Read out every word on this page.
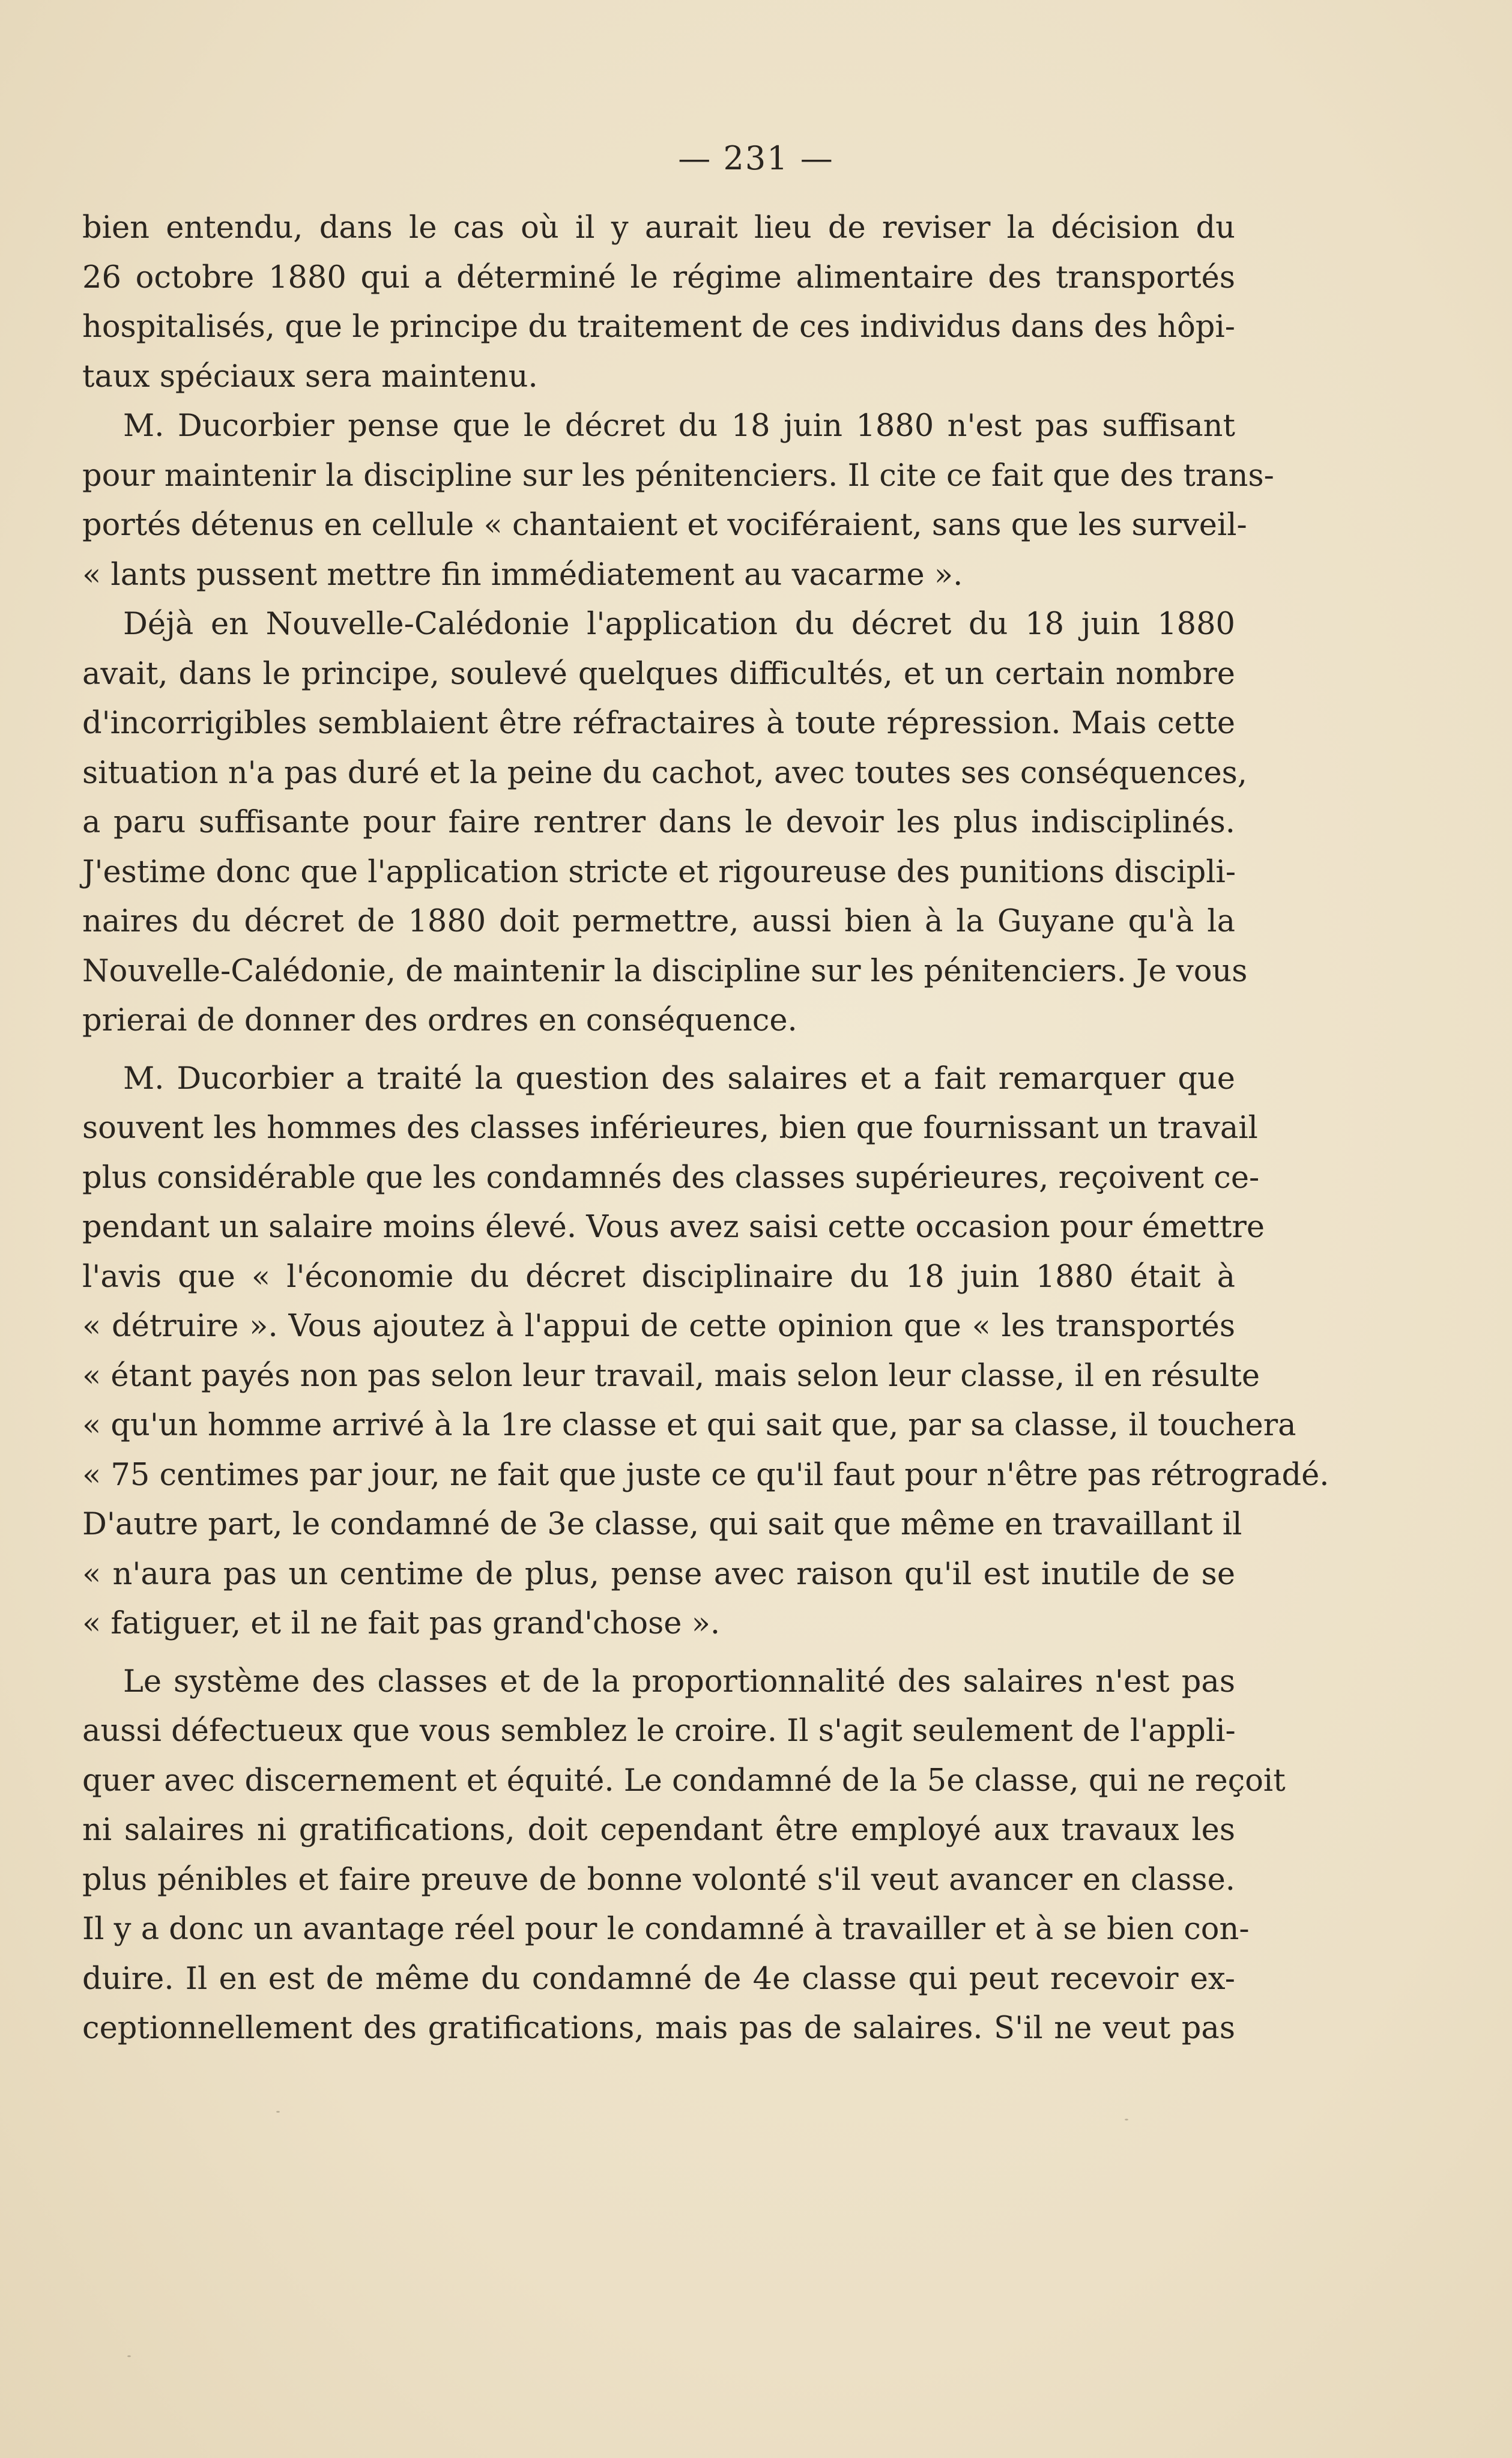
— 231 —
bien entendu, dans le cas où il y aurait lieu de reviser la décision du
26 octobre 1880 qui a déterminé le régime alimentaire des transportés
hospitalisés, que le principe du traitement de ces individus dans des hôpi-
taux spéciaux sera maintenu.
M. Ducorbier pense que le décret du 18 juin 1880 n'est pas suffisant
pour maintenir la discipline sur les pénitenciers. Il cite ce fait que des trans-
portés détenus en cellule « chantaient et vociféraient, sans que les surveil-
« lants pussent mettre fin immédiatement au vacarme ».
Déjà en Nouvelle-Calédonie l'application du décret du 18 juin 1880
avait, dans le principe, soulevé quelques difficultés, et un certain nombre
d'incorrigibles semblaient être réfractaires à toute répression. Mais cette
situation n'a pas duré et la peine du cachot, avec toutes ses conséquences,
a paru suffisante pour faire rentrer dans le devoir les plus indisciplinés.
J'estime donc que l'application stricte et rigoureuse des punitions discipli-
naires du décret de 1880 doit permettre, aussi bien à la Guyane qu'à la
Nouvelle-Calédonie, de maintenir la discipline sur les pénitenciers. Je vous
prierai de donner des ordres en conséquence.
M. Ducorbier a traité la question des salaires et a fait remarquer que
souvent les hommes des classes inférieures, bien que fournissant un travail
plus considérable que les condamnés des classes supérieures, reçoivent ce-
pendant un salaire moins élevé. Vous avez saisi cette occasion pour émettre
l'avis que « l'économie du décret disciplinaire du 18 juin 1880 était à
« détruire ». Vous ajoutez à l'appui de cette opinion que « les transportés
« étant payés non pas selon leur travail, mais selon leur classe, il en résulte
« qu'un homme arrivé à la 1re classe et qui sait que, par sa classe, il touchera
« 75 centimes par jour, ne fait que juste ce qu'il faut pour n'être pas rétrogradé.
D'autre part, le condamné de 3e classe, qui sait que même en travaillant il
« n'aura pas un centime de plus, pense avec raison qu'il est inutile de se
« fatiguer, et il ne fait pas grand'chose ».
Le système des classes et de la proportionnalité des salaires n'est pas
aussi défectueux que vous semblez le croire. Il s'agit seulement de l'appli-
quer avec discernement et équité. Le condamné de la 5e classe, qui ne reçoit
ni salaires ni gratifications, doit cependant être employé aux travaux les
plus pénibles et faire preuve de bonne volonté s'il veut avancer en classe.
Il y a donc un avantage réel pour le condamné à travailler et à se bien con-
duire. Il en est de même du condamné de 4e classe qui peut recevoir ex-
ceptionnellement des gratifications, mais pas de salaires. S'il ne veut pas
